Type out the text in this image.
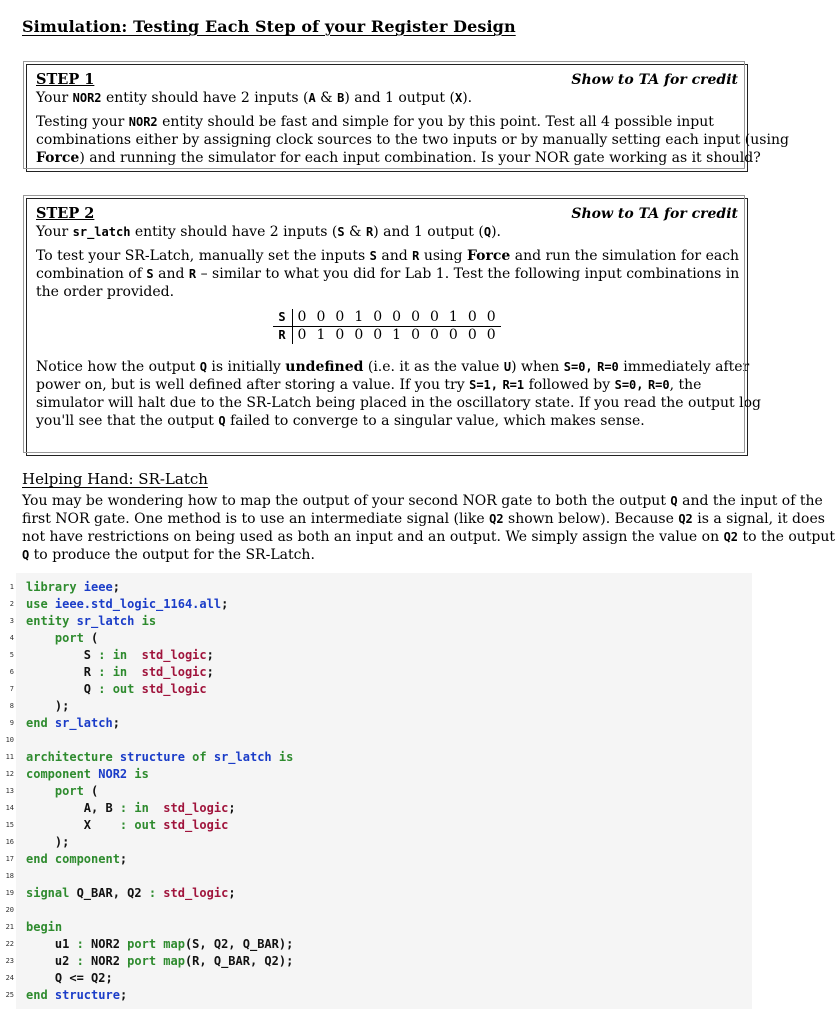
Simulation: Testing Each Step of your Register Design
STEP 1	Show to TA for credit
Your NOR2 entity should have 2 inputs (A & B) and 1 output (X).
Testing your NOR2 entity should be fast and simple for you by this point. Test all 4 possible input
combinations either by assigning clock sources to the two inputs or by manually setting each input (using
Force) and running the simulator for each input combination. Is your NOR gate working as it should?
STEP 2	Show to TA for credit
Your sr_latch entity should have 2 inputs (S & R) and 1 output (Q).
To test your SR-Latch, manually set the inputs S and R using Force and run the simulation for each
combination of S and R – similar to what you did for Lab 1. Test the following input combinations in
the order provided.
S	0	0	0	1	0	0	0	0	1	0	0
R	0	1	0	0	0	1	0	0	0	0	0
Notice how the output Q is initially undefined (i.e. it as the value U) when S=0, R=0 immediately after
power on, but is well defined after storing a value. If you try S=1, R=1 followed by S=0, R=0, the
simulator will halt due to the SR-Latch being placed in the oscillatory state. If you read the output log
you'll see that the output Q failed to converge to a singular value, which makes sense.
Helping Hand: SR-Latch
You may be wondering how to map the output of your second NOR gate to both the output Q and the input of the
first NOR gate. One method is to use an intermediate signal (like Q2 shown below). Because Q2 is a signal, it does
not have restrictions on being used as both an input and an output. We simply assign the value on Q2 to the output
Q to produce the output for the SR-Latch.
1
2
3
4
5
6
7
8
9
10
11
12
13
14
15
16
17
18
19
20
21
22
23
24
25
library ieee;
use ieee.std_logic_1164.all;
entity sr_latch is
port (
S : in  std_logic;
R : in  std_logic;
Q : out std_logic
);
end sr_latch;
architecture structure of sr_latch is
component NOR2 is
port (
A, B : in  std_logic;
X    : out std_logic
);
end component;
signal Q_BAR, Q2 : std_logic;
begin
u1 : NOR2 port map(S, Q2, Q_BAR);
u2 : NOR2 port map(R, Q_BAR, Q2);
Q <= Q2;
end structure;
